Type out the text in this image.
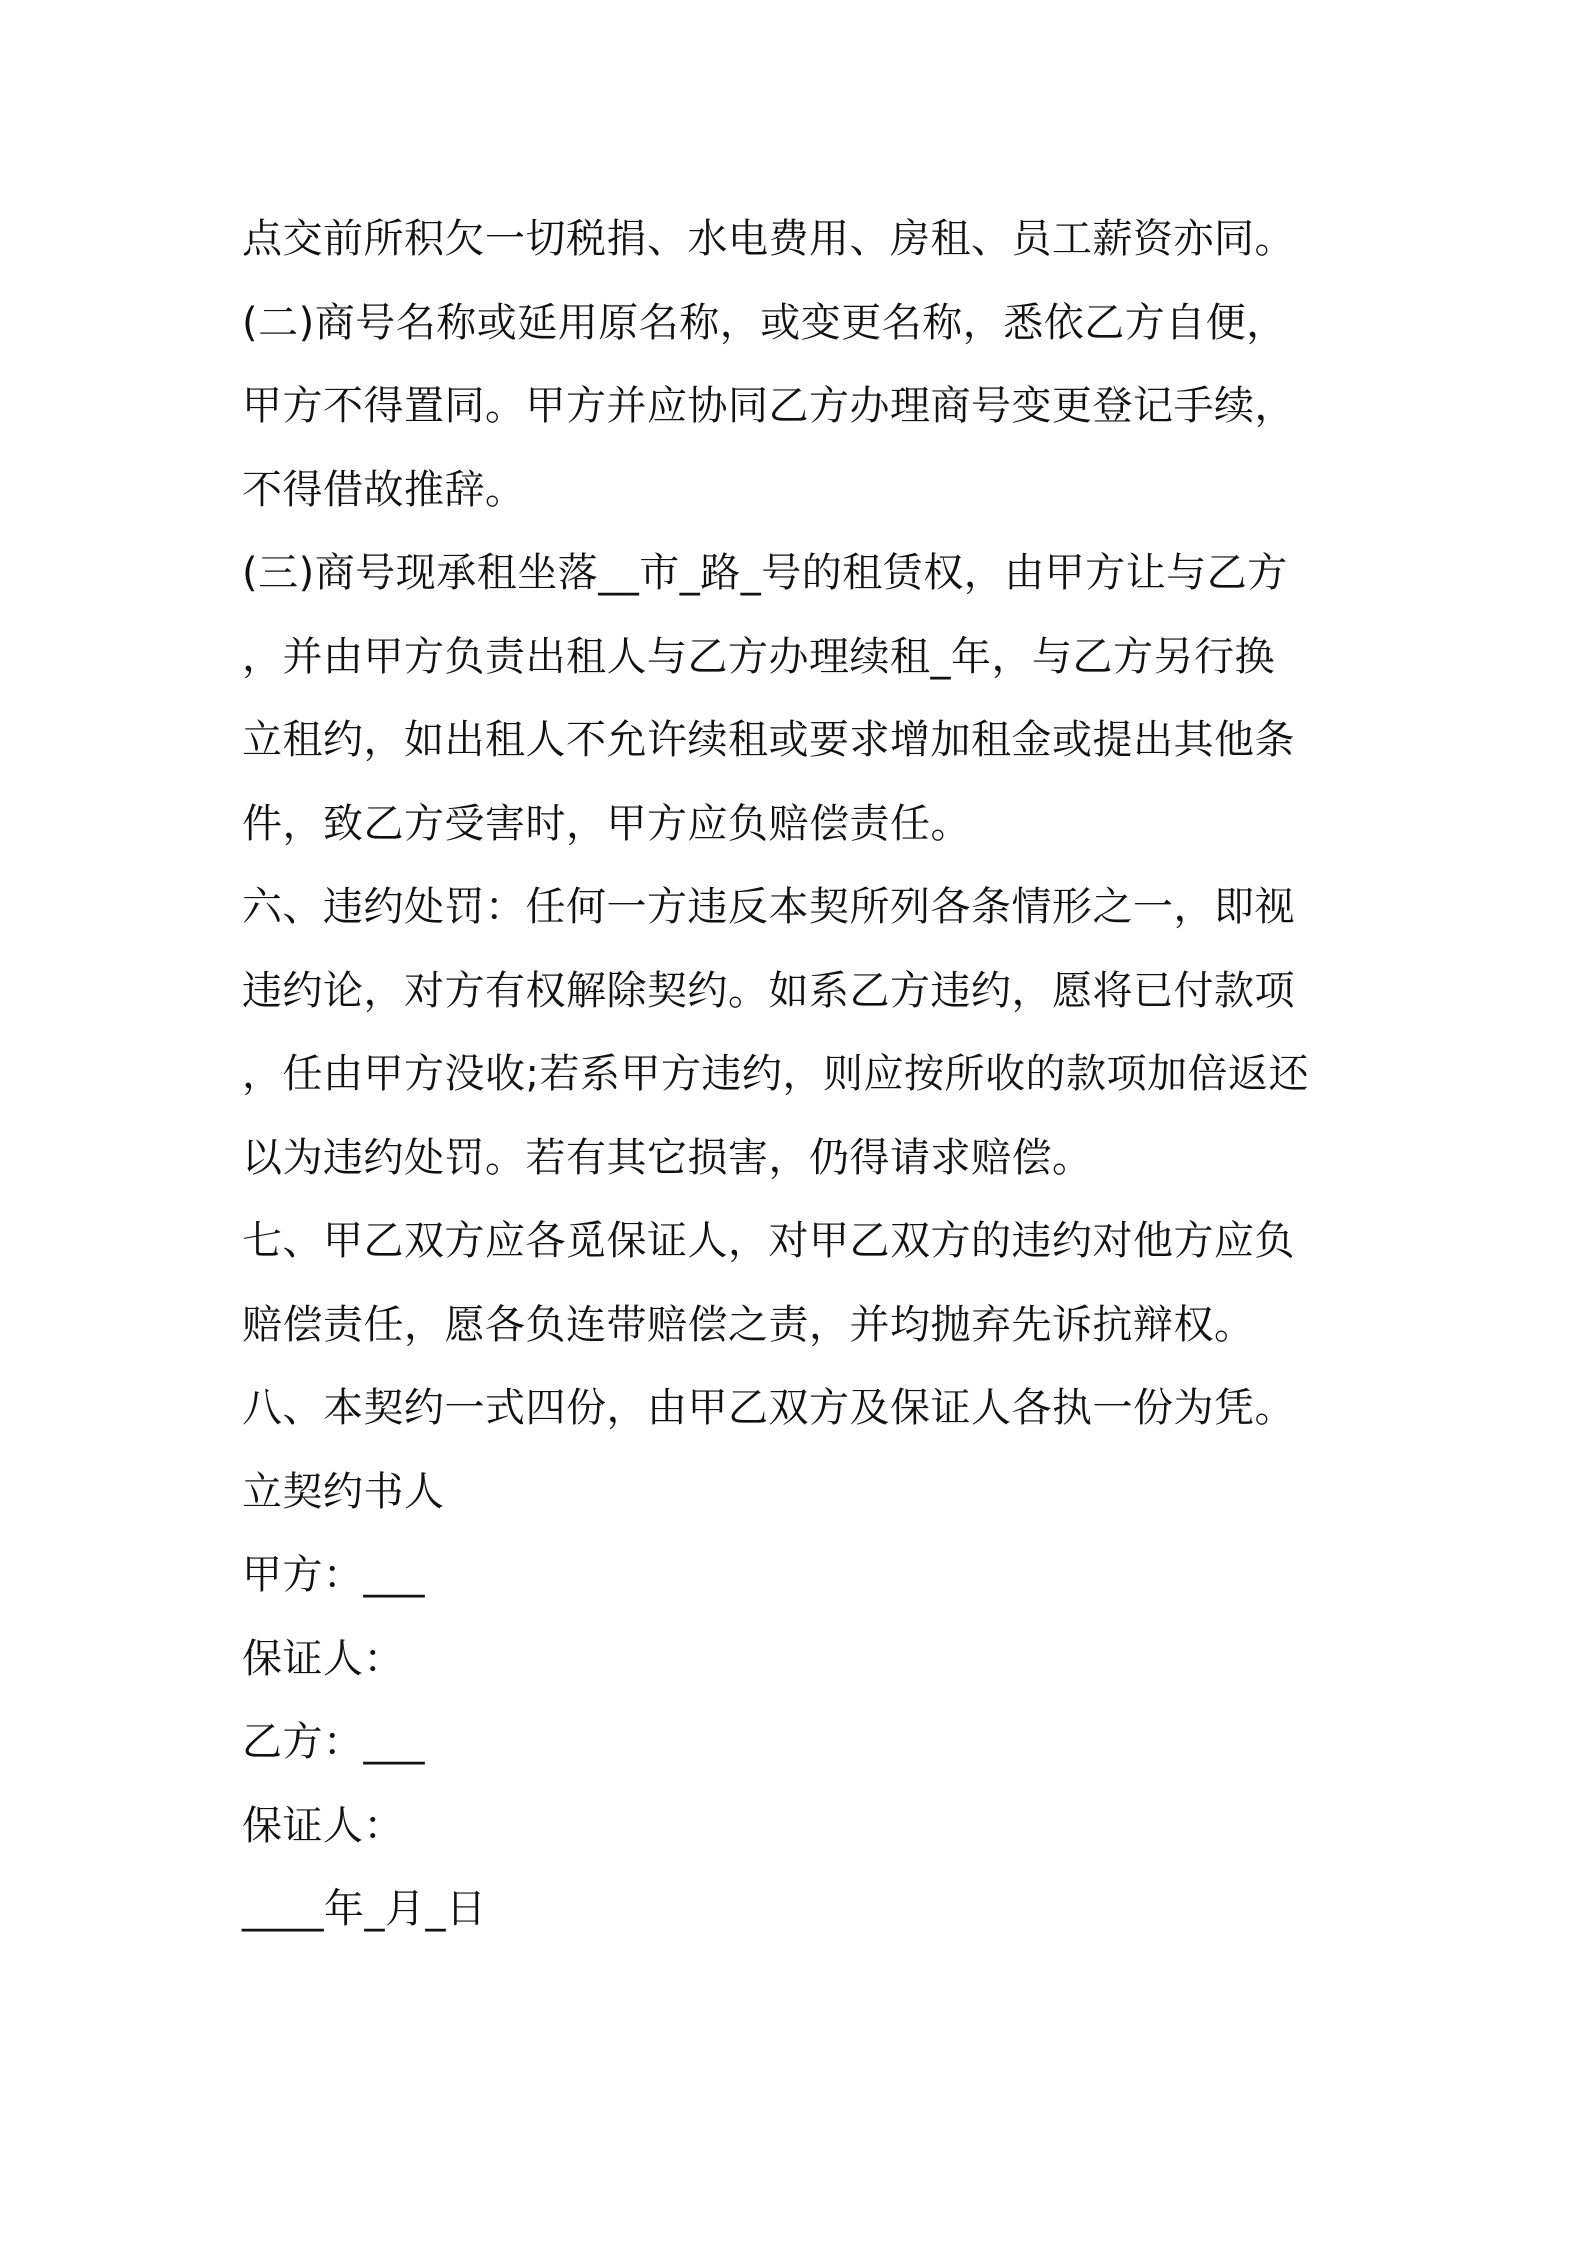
点交前所积欠一切税捐、水电费用、房租、员工薪资亦同。
(二)商号名称或延用原名称，或变更名称，悉依乙方自便，
甲方不得置同。甲方并应协同乙方办理商号变更登记手续，
不得借故推辞。
(三)商号现承租坐落__市_路_号的租赁权，由甲方让与乙方
，并由甲方负责出租人与乙方办理续租_年，与乙方另行换
立租约，如出租人不允许续租或要求增加租金或提出其他条
件，致乙方受害时，甲方应负赔偿责任。
六、违约处罚：任何一方违反本契所列各条情形之一，即视
违约论，对方有权解除契约。如系乙方违约，愿将已付款项
，任由甲方没收;若系甲方违约，则应按所收的款项加倍返还
以为违约处罚。若有其它损害，仍得请求赔偿。
七、甲乙双方应各觅保证人，对甲乙双方的违约对他方应负
赔偿责任，愿各负连带赔偿之责，并均抛弃先诉抗辩权。
八、本契约一式四份，由甲乙双方及保证人各执一份为凭。
立契约书人
甲方：___
保证人：
乙方：___
保证人：
____年_月_日
